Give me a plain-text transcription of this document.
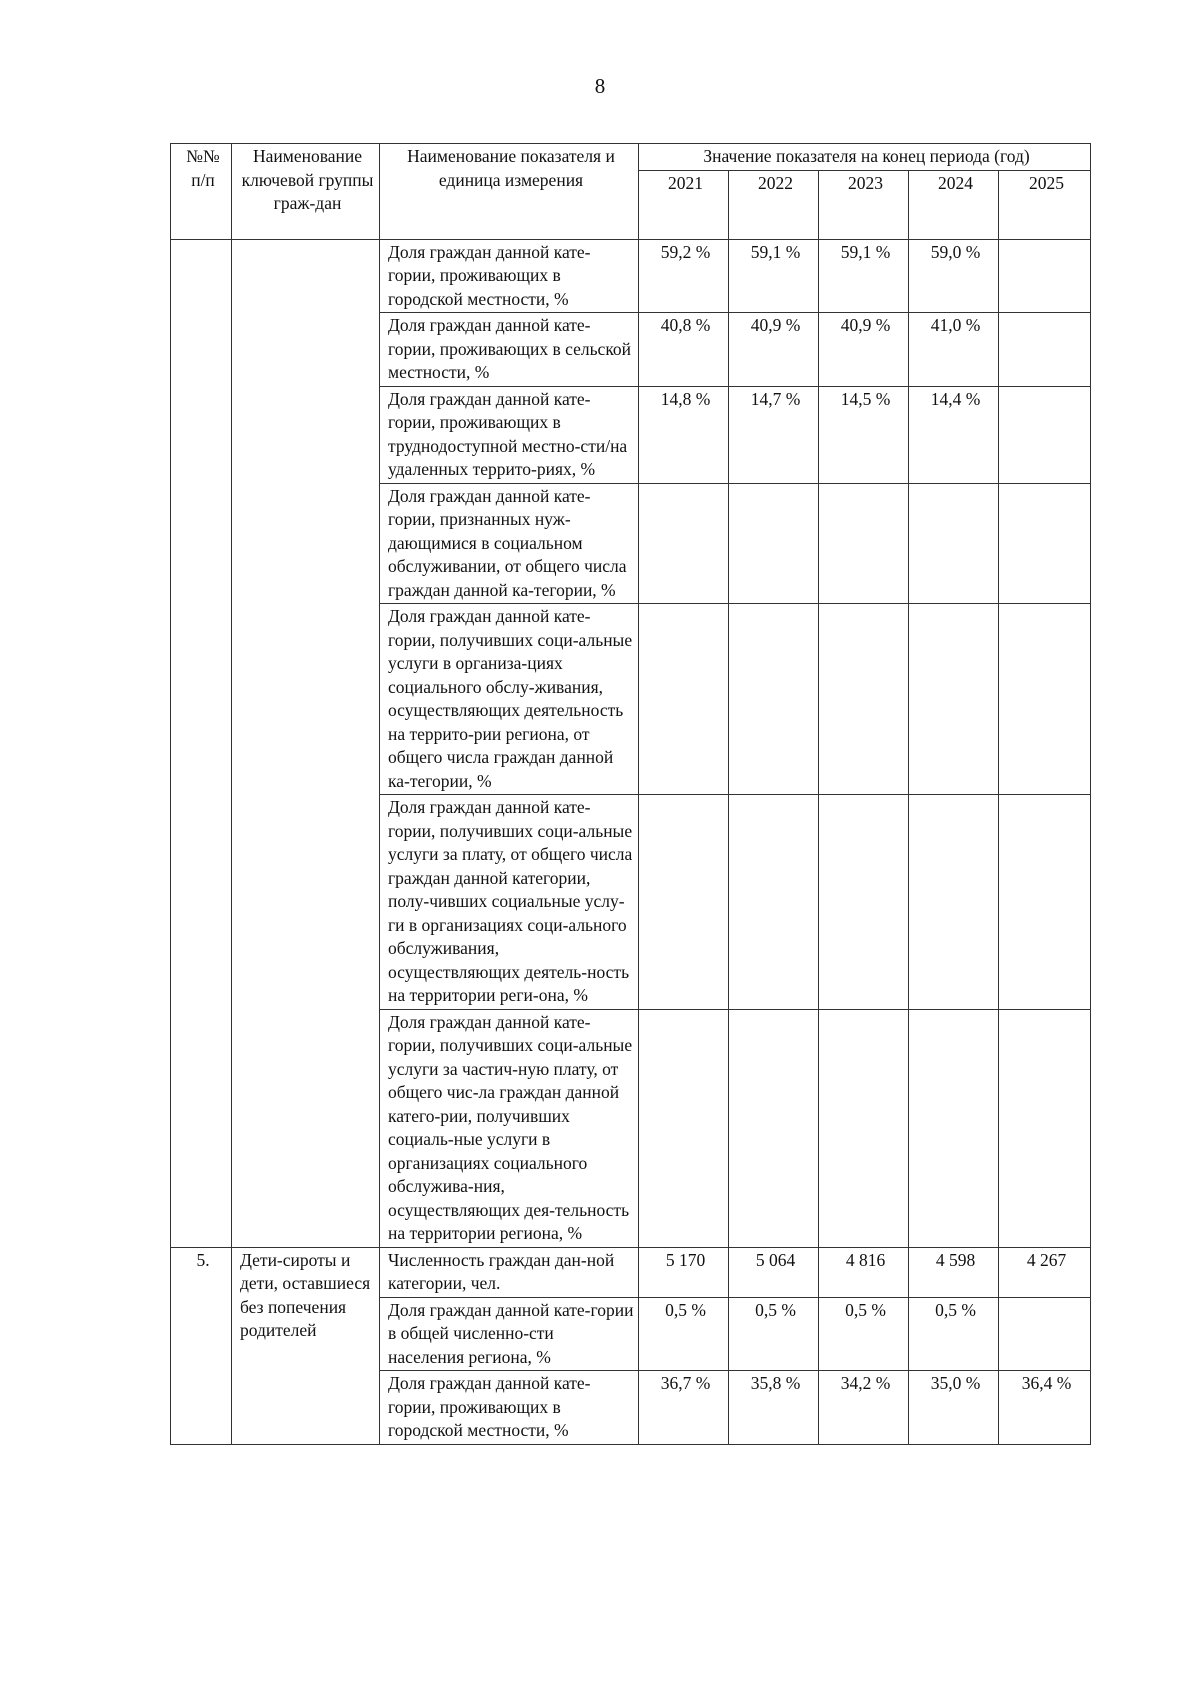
8
№№ п/п	Наименование ключевой группы граж-дан	Наименование показателя и единица измерения	Значение показателя на конец периода (год)				
			2021	2022	2023	2024	2025
		Доля граждан данной кате-гории, проживающих в городской местности, %	59,2 %	59,1 %	59,1 %	59,0 %	
		Доля граждан данной кате-гории, проживающих в сельской местности, %	40,8 %	40,9 %	40,9 %	41,0 %	
		Доля граждан данной кате-гории, проживающих в труднодоступной местно-сти/на удаленных террито-риях, %	14,8 %	14,7 %	14,5 %	14,4 %	
		Доля граждан данной кате-гории, признанных нуж-дающимися в социальном обслуживании, от общего числа граждан данной ка-тегории, %					
		Доля граждан данной кате-гории, получивших соци-альные услуги в организа-циях социального обслу-живания, осуществляющих деятельность на террито-рии региона, от общего числа граждан данной ка-тегории, %					
		Доля граждан данной кате-гории, получивших соци-альные услуги за плату, от общего числа граждан данной категории, полу-чивших социальные услу-ги в организациях соци-ального обслуживания, осуществляющих деятель-ность на территории реги-она, %					
		Доля граждан данной кате-гории, получивших соци-альные услуги за частич-ную плату, от общего чис-ла граждан данной катего-рии, получивших социаль-ные услуги в организациях социального обслужива-ния, осуществляющих дея-тельность на территории региона, %					
5.	Дети-сироты и дети, оставшиеся без попечения родителей	Численность граждан дан-ной категории, чел.	5 170	5 064	4 816	4 598	4 267
		Доля граждан данной кате-гории в общей численно-сти населения региона, %	0,5 %	0,5 %	0,5 %	0,5 %	
		Доля граждан данной кате-гории, проживающих в городской местности, %	36,7 %	35,8 %	34,2 %	35,0 %	36,4 %
